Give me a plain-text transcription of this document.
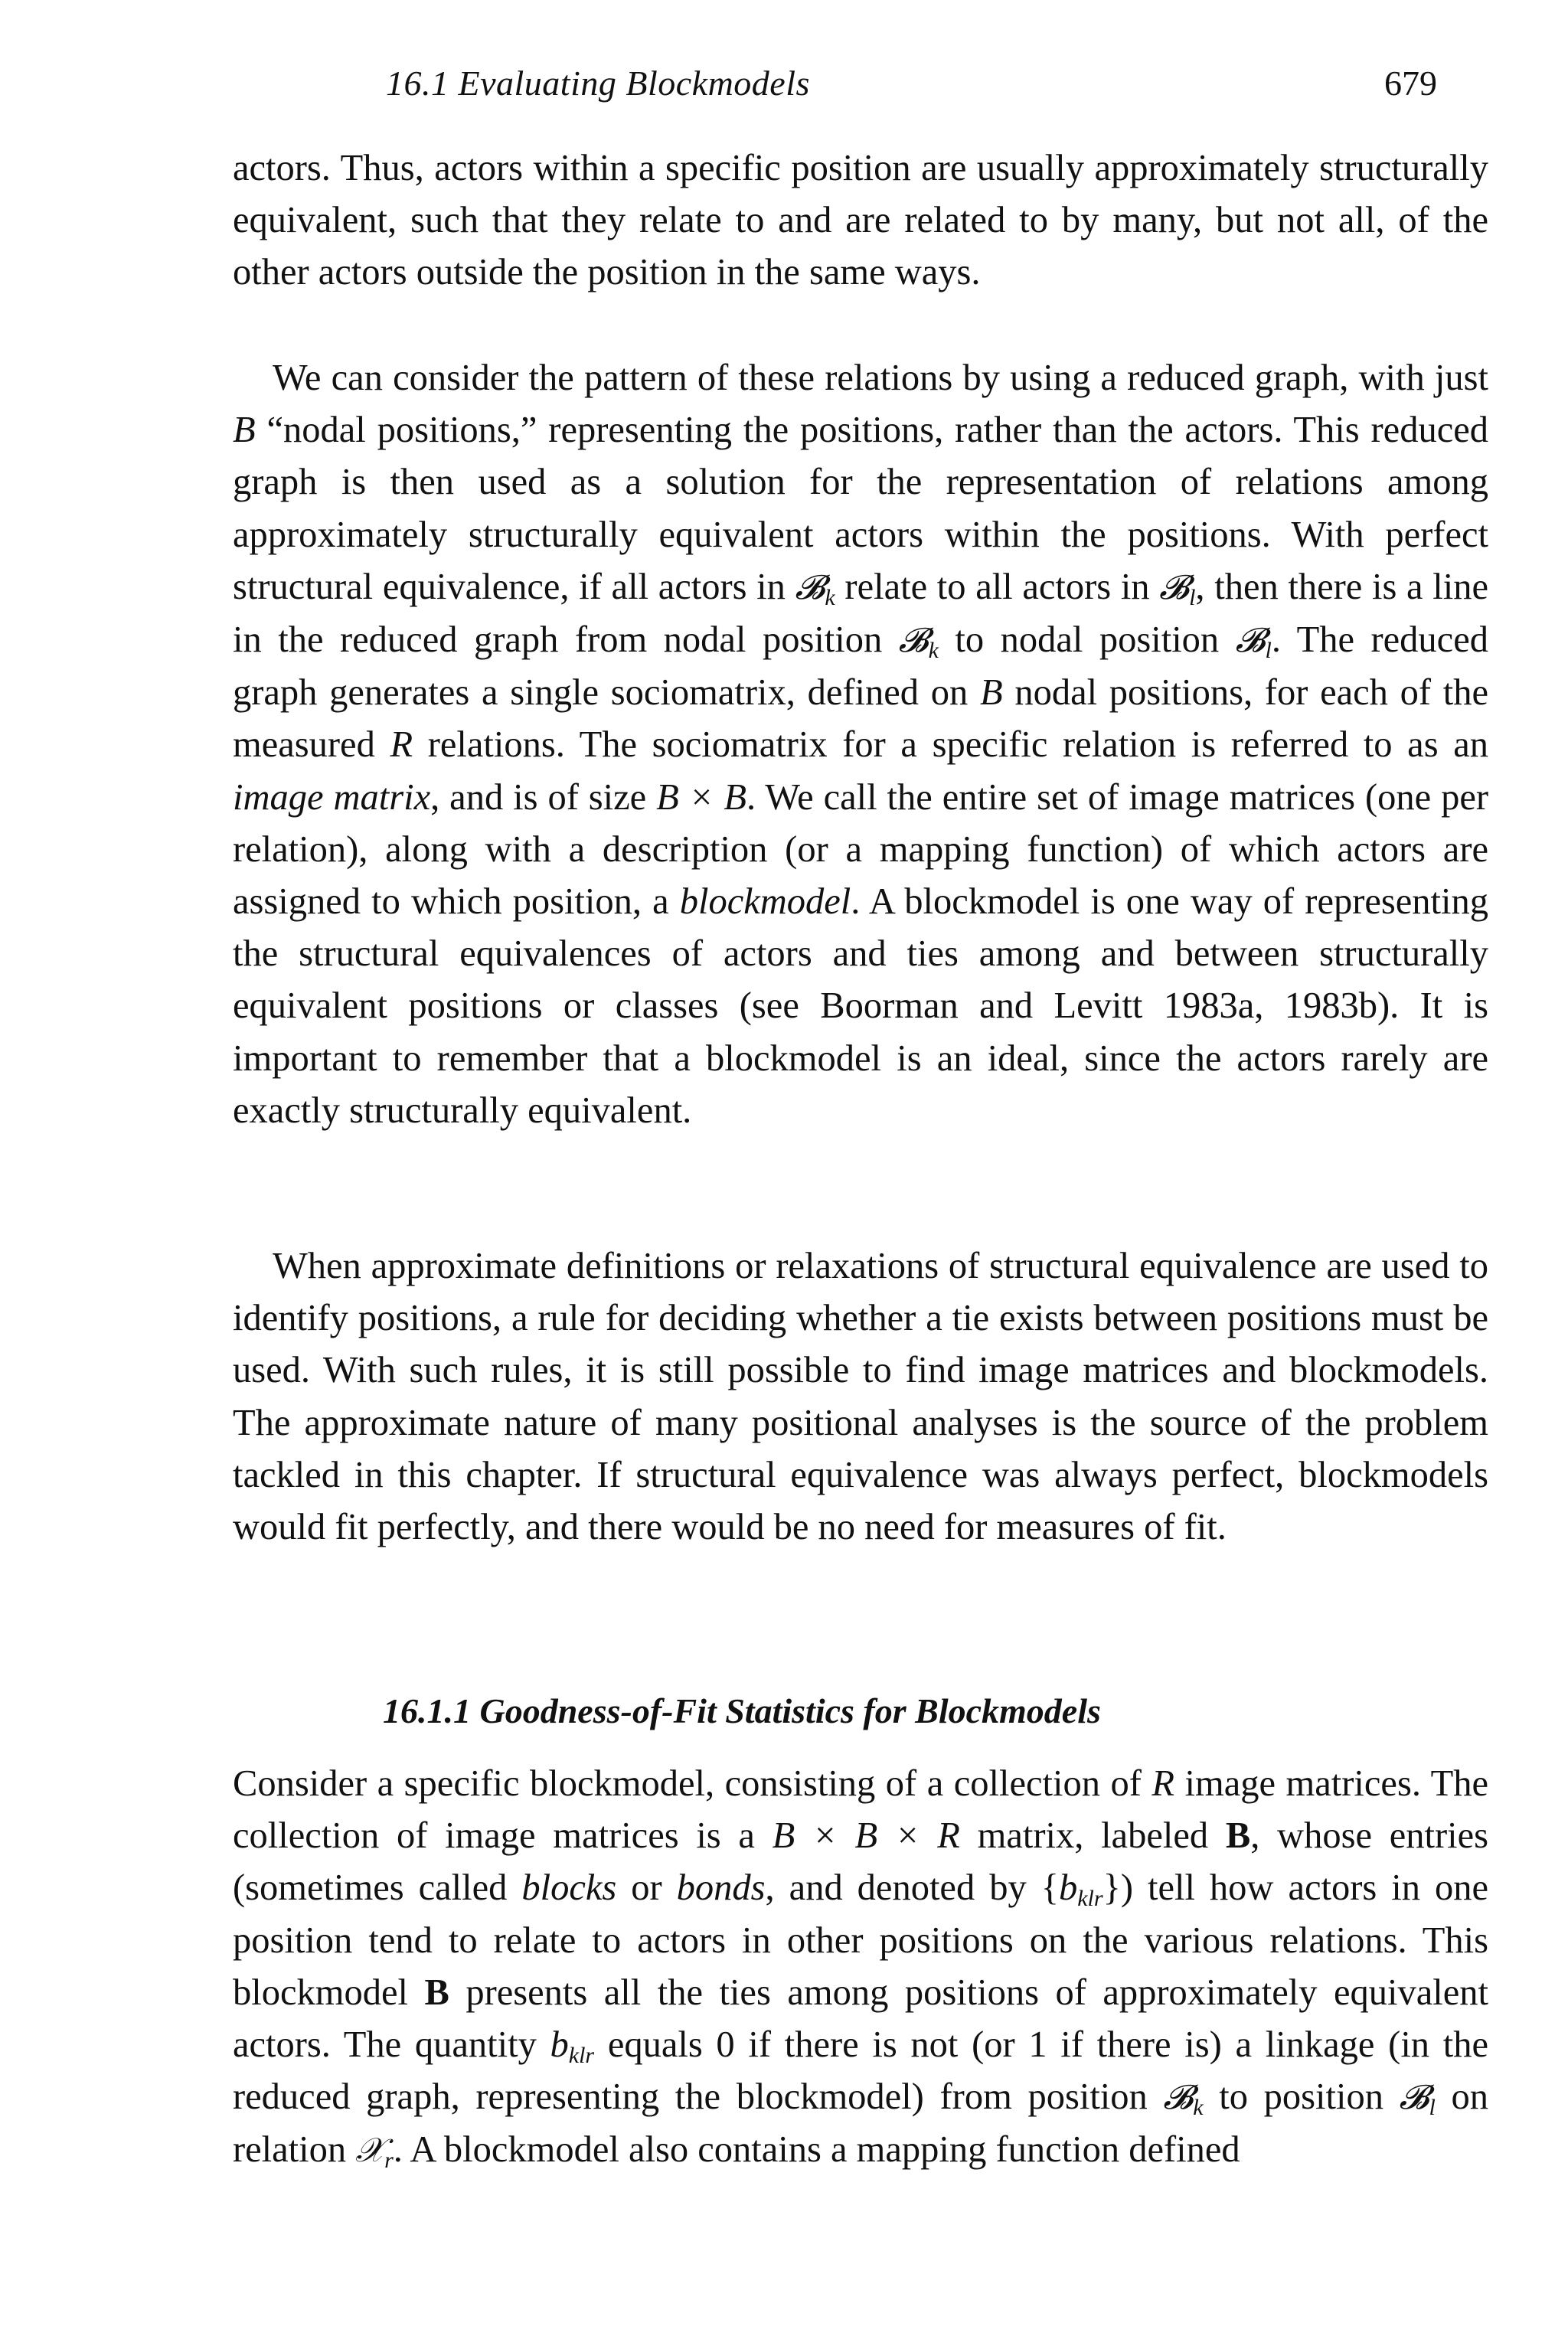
16.1 Evaluating Blockmodels	679

actors. Thus, actors within a specific position are usually approximately structurally equivalent, such that they relate to and are related to by many, but not all, of the other actors outside the position in the same ways.

We can consider the pattern of these relations by using a reduced graph, with just B “nodal positions,” representing the positions, rather than the actors. This reduced graph is then used as a solution for the representation of relations among approximately structurally equivalent actors within the positions. With perfect structural equivalence, if all actors in 𝓑$_k$ relate to all actors in 𝓑$_l$, then there is a line in the reduced graph from nodal position 𝓑$_k$ to nodal position 𝓑$_l$. The reduced graph generates a single sociomatrix, defined on B nodal positions, for each of the measured R relations. The sociomatrix for a specific relation is referred to as an image matrix, and is of size B × B. We call the entire set of image matrices (one per relation), along with a description (or a mapping function) of which actors are assigned to which position, a blockmodel. A blockmodel is one way of representing the structural equivalences of actors and ties among and between structurally equivalent positions or classes (see Boorman and Levitt 1983a, 1983b). It is important to remember that a blockmodel is an ideal, since the actors rarely are exactly structurally equivalent.

When approximate definitions or relaxations of structural equivalence are used to identify positions, a rule for deciding whether a tie exists between positions must be used. With such rules, it is still possible to find image matrices and blockmodels. The approximate nature of many positional analyses is the source of the problem tackled in this chapter. If structural equivalence was always perfect, blockmodels would fit perfectly, and there would be no need for measures of fit.

16.1.1 Goodness-of-Fit Statistics for Blockmodels

Consider a specific blockmodel, consisting of a collection of R image matrices. The collection of image matrices is a B × B × R matrix, labeled B, whose entries (sometimes called blocks or bonds, and denoted by $\{b_{klr}\}$) tell how actors in one position tend to relate to actors in other positions on the various relations. This blockmodel B presents all the ties among positions of approximately equivalent actors. The quantity $b_{klr}$ equals 0 if there is not (or 1 if there is) a linkage (in the reduced graph, representing the blockmodel) from position 𝓑$_k$ to position 𝓑$_l$ on relation 𝒳$_r$. A blockmodel also contains a mapping function defined
